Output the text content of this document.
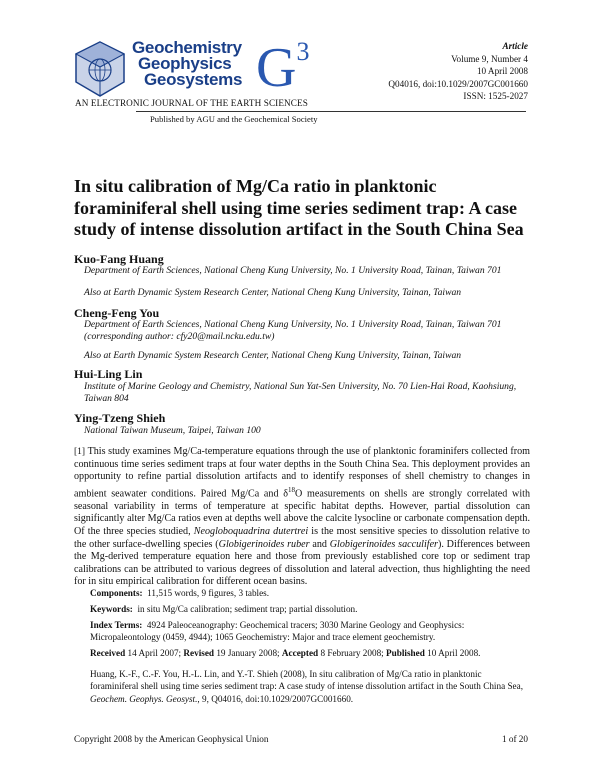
Geochemistry
Geophysics
Geosystems $G^3$
AN ELECTRONIC JOURNAL OF THE EARTH SCIENCES
Published by AGU and the Geochemical Society
Article
Volume 9, Number 4
10 April 2008
Q04016, doi:10.1029/2007GC001660
ISSN: 1525-2027
In situ calibration of Mg/Ca ratio in planktonic foraminiferal shell using time series sediment trap: A case study of intense dissolution artifact in the South China Sea
Kuo-Fang Huang
Department of Earth Sciences, National Cheng Kung University, No. 1 University Road, Tainan, Taiwan 701
Also at Earth Dynamic System Research Center, National Cheng Kung University, Tainan, Taiwan
Cheng-Feng You
Department of Earth Sciences, National Cheng Kung University, No. 1 University Road, Tainan, Taiwan 701
(corresponding author: cfy20@mail.ncku.edu.tw)
Also at Earth Dynamic System Research Center, National Cheng Kung University, Tainan, Taiwan
Hui-Ling Lin
Institute of Marine Geology and Chemistry, National Sun Yat-Sen University, No. 70 Lien-Hai Road, Kaohsiung,
Taiwan 804
Ying-Tzeng Shieh
National Taiwan Museum, Taipei, Taiwan 100
[1] This study examines Mg/Ca-temperature equations through the use of planktonic foraminifers collected from continuous time series sediment traps at four water depths in the South China Sea. This deployment provides an opportunity to refine partial dissolution artifacts and to identify responses of shell chemistry to changes in ambient seawater conditions. Paired Mg/Ca and $\delta^{18}O$ measurements on shells are strongly correlated with seasonal variability in terms of temperature at specific habitat depths. However, partial dissolution can significantly alter Mg/Ca ratios even at depths well above the calcite lysocline or carbonate compensation depth. Of the three species studied, Neogloboquadrina dutertrei is the most sensitive species to dissolution relative to the other surface-dwelling species (Globigerinoides ruber and Globigerinoides sacculifer). Differences between the Mg-derived temperature equation here and those from previously established core top or sediment trap calibrations can be attributed to various degrees of dissolution and lateral advection, thus highlighting the need for in situ empirical calibration for different ocean basins.
Components: 11,515 words, 9 figures, 3 tables.
Keywords: in situ Mg/Ca calibration; sediment trap; partial dissolution.
Index Terms: 4924 Paleoceanography: Geochemical tracers; 3030 Marine Geology and Geophysics: Micropaleontology (0459, 4944); 1065 Geochemistry: Major and trace element geochemistry.
Received 14 April 2007; Revised 19 January 2008; Accepted 8 February 2008; Published 10 April 2008.
Huang, K.-F., C.-F. You, H.-L. Lin, and Y.-T. Shieh (2008), In situ calibration of Mg/Ca ratio in planktonic foraminiferal shell using time series sediment trap: A case study of intense dissolution artifact in the South China Sea, Geochem. Geophys. Geosyst., 9, Q04016, doi:10.1029/2007GC001660.
Copyright 2008 by the American Geophysical Union	1 of 20
